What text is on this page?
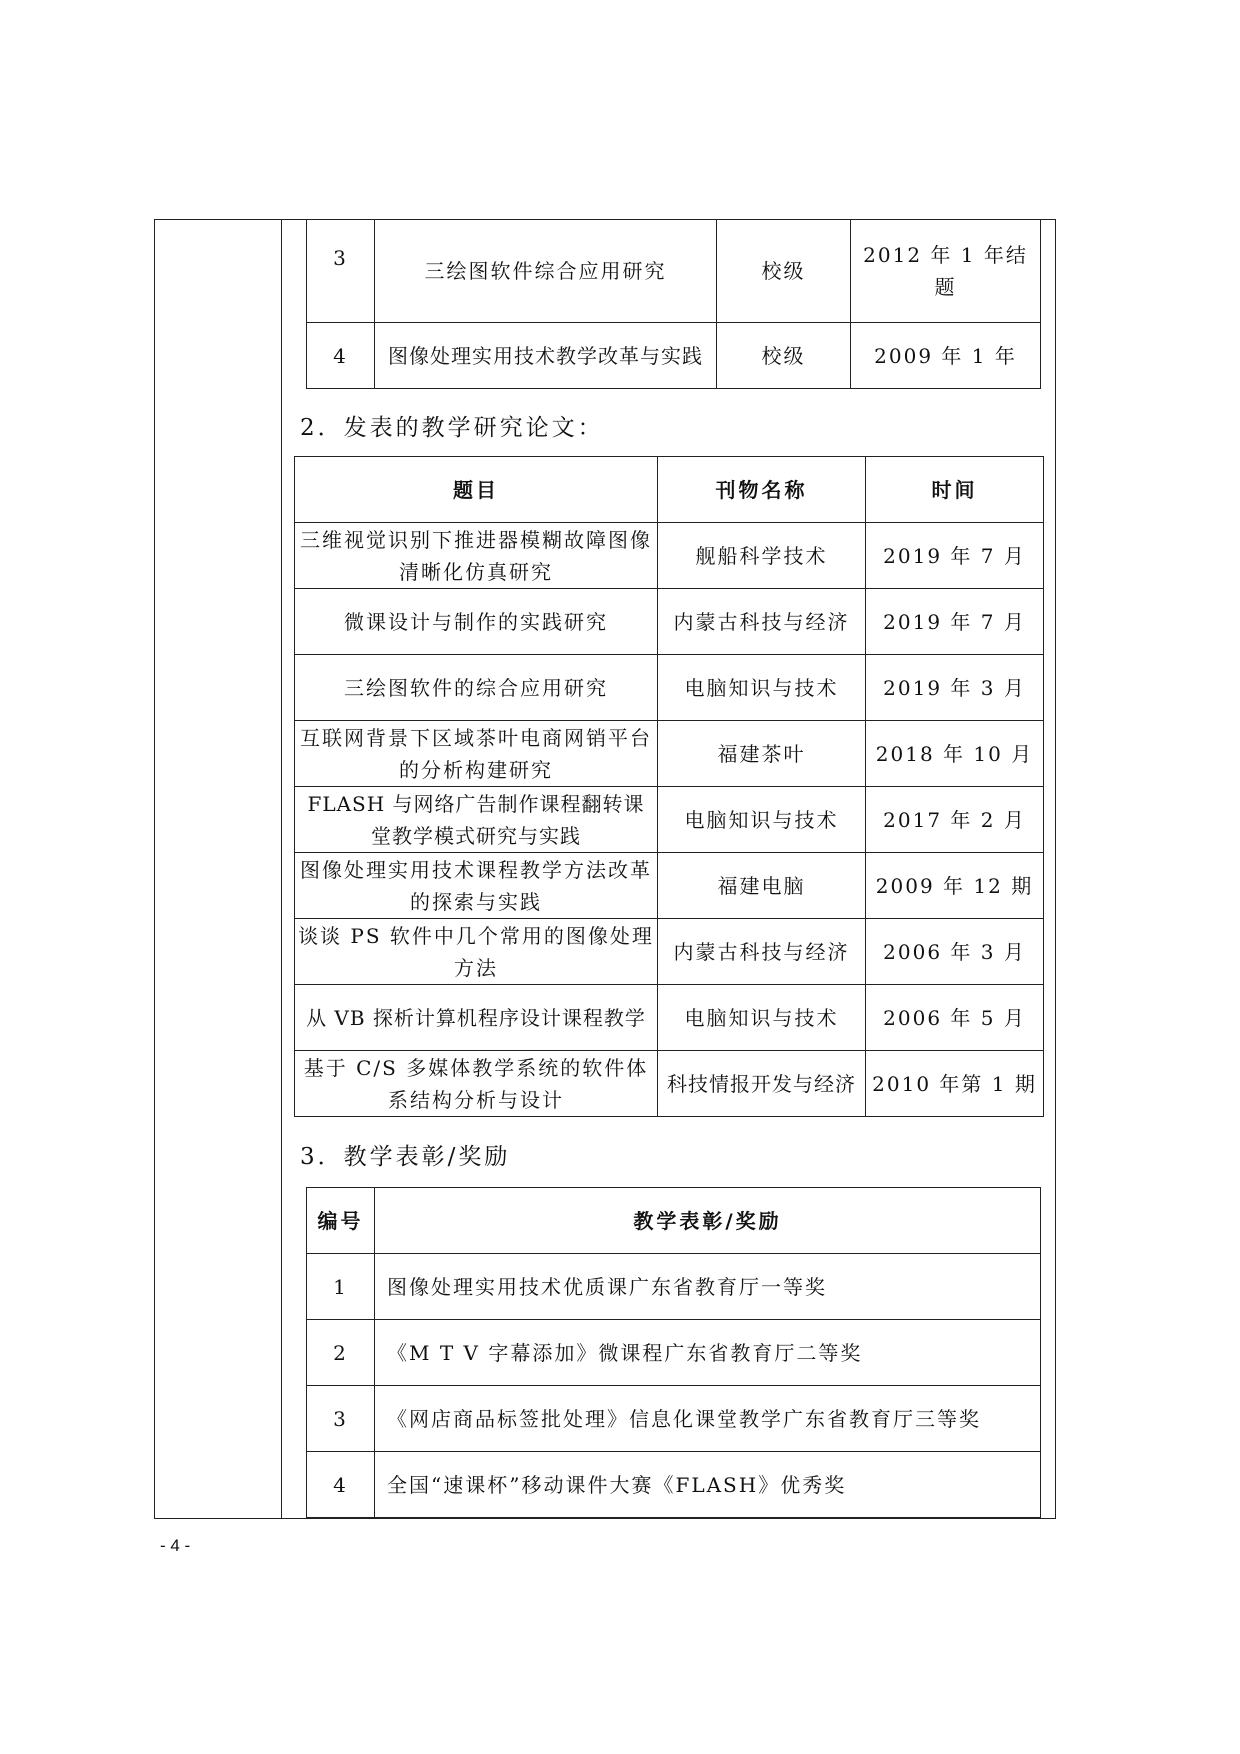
3	三绘图软件综合应用研究	校级	2012 年 1 年结题
4	图像处理实用技术教学改革与实践	校级	2009 年 1 年
2．发表的教学研究论文：
题目	刊物名称	时间
三维视觉识别下推进器模糊故障图像清晰化仿真研究	舰船科学技术	2019 年 7 月
微课设计与制作的实践研究	内蒙古科技与经济	2019 年 7 月
三绘图软件的综合应用研究	电脑知识与技术	2019 年 3 月
互联网背景下区域茶叶电商网销平台的分析构建研究	福建茶叶	2018 年 10 月
FLASH 与网络广告制作课程翻转课堂教学模式研究与实践	电脑知识与技术	2017 年 2 月
图像处理实用技术课程教学方法改革的探索与实践	福建电脑	2009 年 12 期
谈谈 PS 软件中几个常用的图像处理方法	内蒙古科技与经济	2006 年 3 月
从 VB 探析计算机程序设计课程教学	电脑知识与技术	2006 年 5 月
基于 C/S 多媒体教学系统的软件体系结构分析与设计	科技情报开发与经济	2010 年第 1 期
3．教学表彰/奖励
编号	教学表彰/奖励
1	图像处理实用技术优质课广东省教育厅一等奖
2	《M T V 字幕添加》微课程广东省教育厅二等奖
3	《网店商品标签批处理》信息化课堂教学广东省教育厅三等奖
4	全国“速课杯”移动课件大赛《FLASH》优秀奖
- 4 -
